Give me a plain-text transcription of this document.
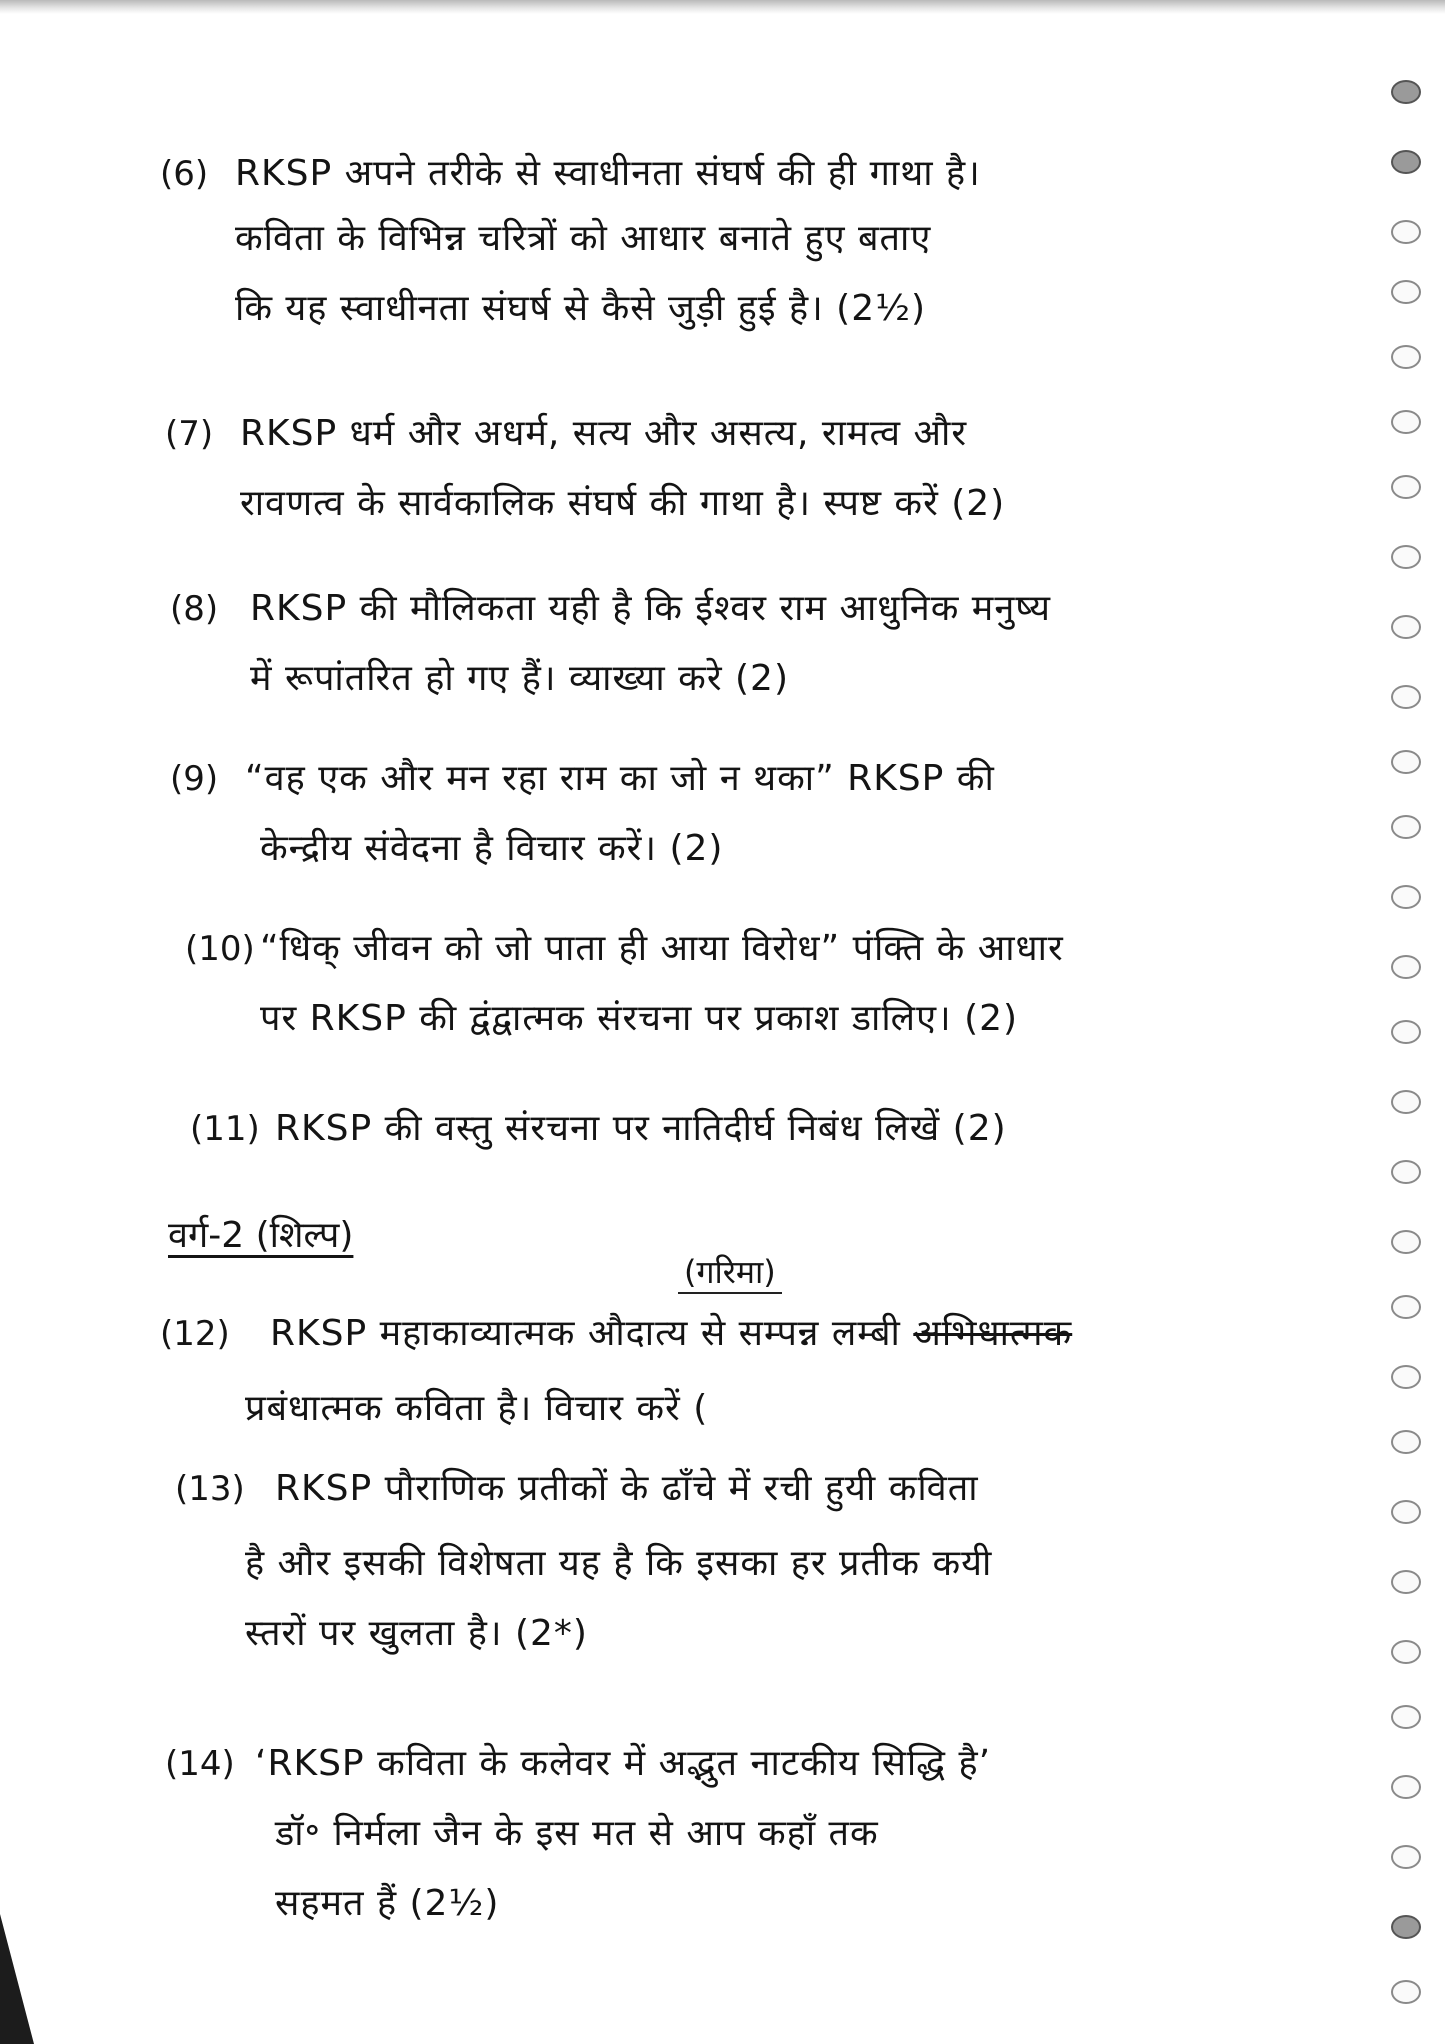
(6) RKSP अपने तरीके से स्वाधीनता संघर्ष की ही गाथा है।
कविता के विभिन्न चरित्रों को आधार बनाते हुए बताए
कि यह स्वाधीनता संघर्ष से कैसे जुड़ी हुई है। (2½)
(7) RKSP धर्म और अधर्म, सत्य और असत्य, रामत्व और
रावणत्व के सार्वकालिक संघर्ष की गाथा है। स्पष्ट करें (2)
(8) RKSP की मौलिकता यही है कि ईश्वर राम आधुनिक मनुष्य
में रूपांतरित हो गए हैं। व्याख्या करे (2)
(9) “वह एक और मन रहा राम का जो न थका” RKSP की
केन्द्रीय संवेदना है विचार करें। (2)
(10) “धिक् जीवन को जो पाता ही आया विरोध” पंक्ति के आधार
पर RKSP की द्वंद्वात्मक संरचना पर प्रकाश डालिए। (2)
(11) RKSP की वस्तु संरचना पर नातिदीर्घ निबंध लिखें (2)
वर्ग-2 (शिल्प)
(गरिमा)
(12) RKSP महाकाव्यात्मक औदात्य से सम्पन्न लम्बी अभिधात्मक
प्रबंधात्मक कविता है। विचार करें (
(13) RKSP पौराणिक प्रतीकों के ढाँचे में रची हुयी कविता
है और इसकी विशेषता यह है कि इसका हर प्रतीक कयी
स्तरों पर खुलता है। (2*)
(14) ‘RKSP कविता के कलेवर में अद्भुत नाटकीय सिद्धि है’
डॉ॰ निर्मला जैन के इस मत से आप कहाँ तक
सहमत हैं (2½)
